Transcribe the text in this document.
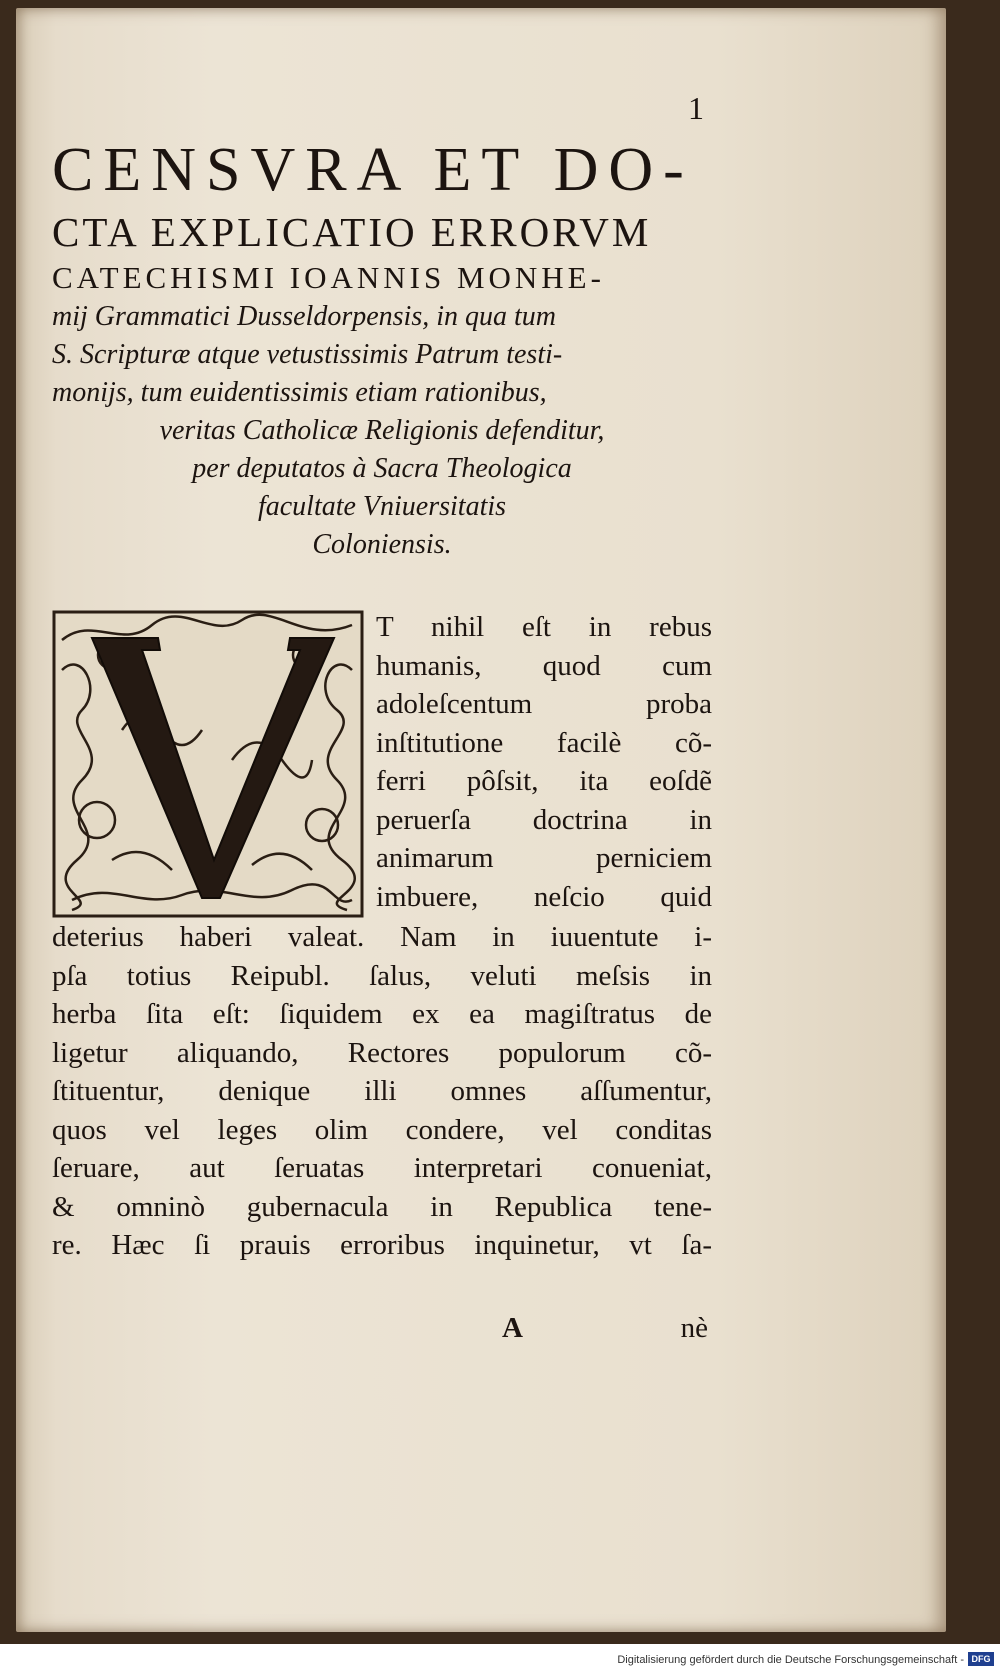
1

CENSVRA ET DO-

CTA EXPLICATIO ERRORVM

CATECHISMI IOANNIS MONHE-

mij Grammatici Dusseldorpensis, in qua tum

S. Scripturæ atque vetustissimis Patrum testi-

monijs, tum euidentissimis etiam rationibus,

veritas Catholicæ Religionis defenditur,

per deputatos à Sacra Theologica

facultate Vniuersitatis

Coloniensis.

T nihil eſt in rebus
humanis, quod cum
adoleſcentum proba
inſtitutione facilè cõ-
ferri pôſsit, ita eoſdẽ
peruerſa doctrina in
animarum perniciem
imbuere, neſcio quid
deterius haberi valeat. Nam in iuuentute i-
pſa totius Reipubl. ſalus, veluti meſsis in
herba ſita eſt: ſiquidem ex ea magiſtratus de
ligetur aliquando, Rectores populorum cõ-
ſtituentur, denique illi omnes aſſumentur,
quos vel leges olim condere, vel conditas
ſeruare, aut ſeruatas interpretari conueniat,
& omninò gubernacula in Republica tene-
re. Hæc ſi prauis erroribus inquinetur, vt ſa-
A	nè
Digitalisierung gefördert durch die Deutsche Forschungsgemeinschaft - DFG
